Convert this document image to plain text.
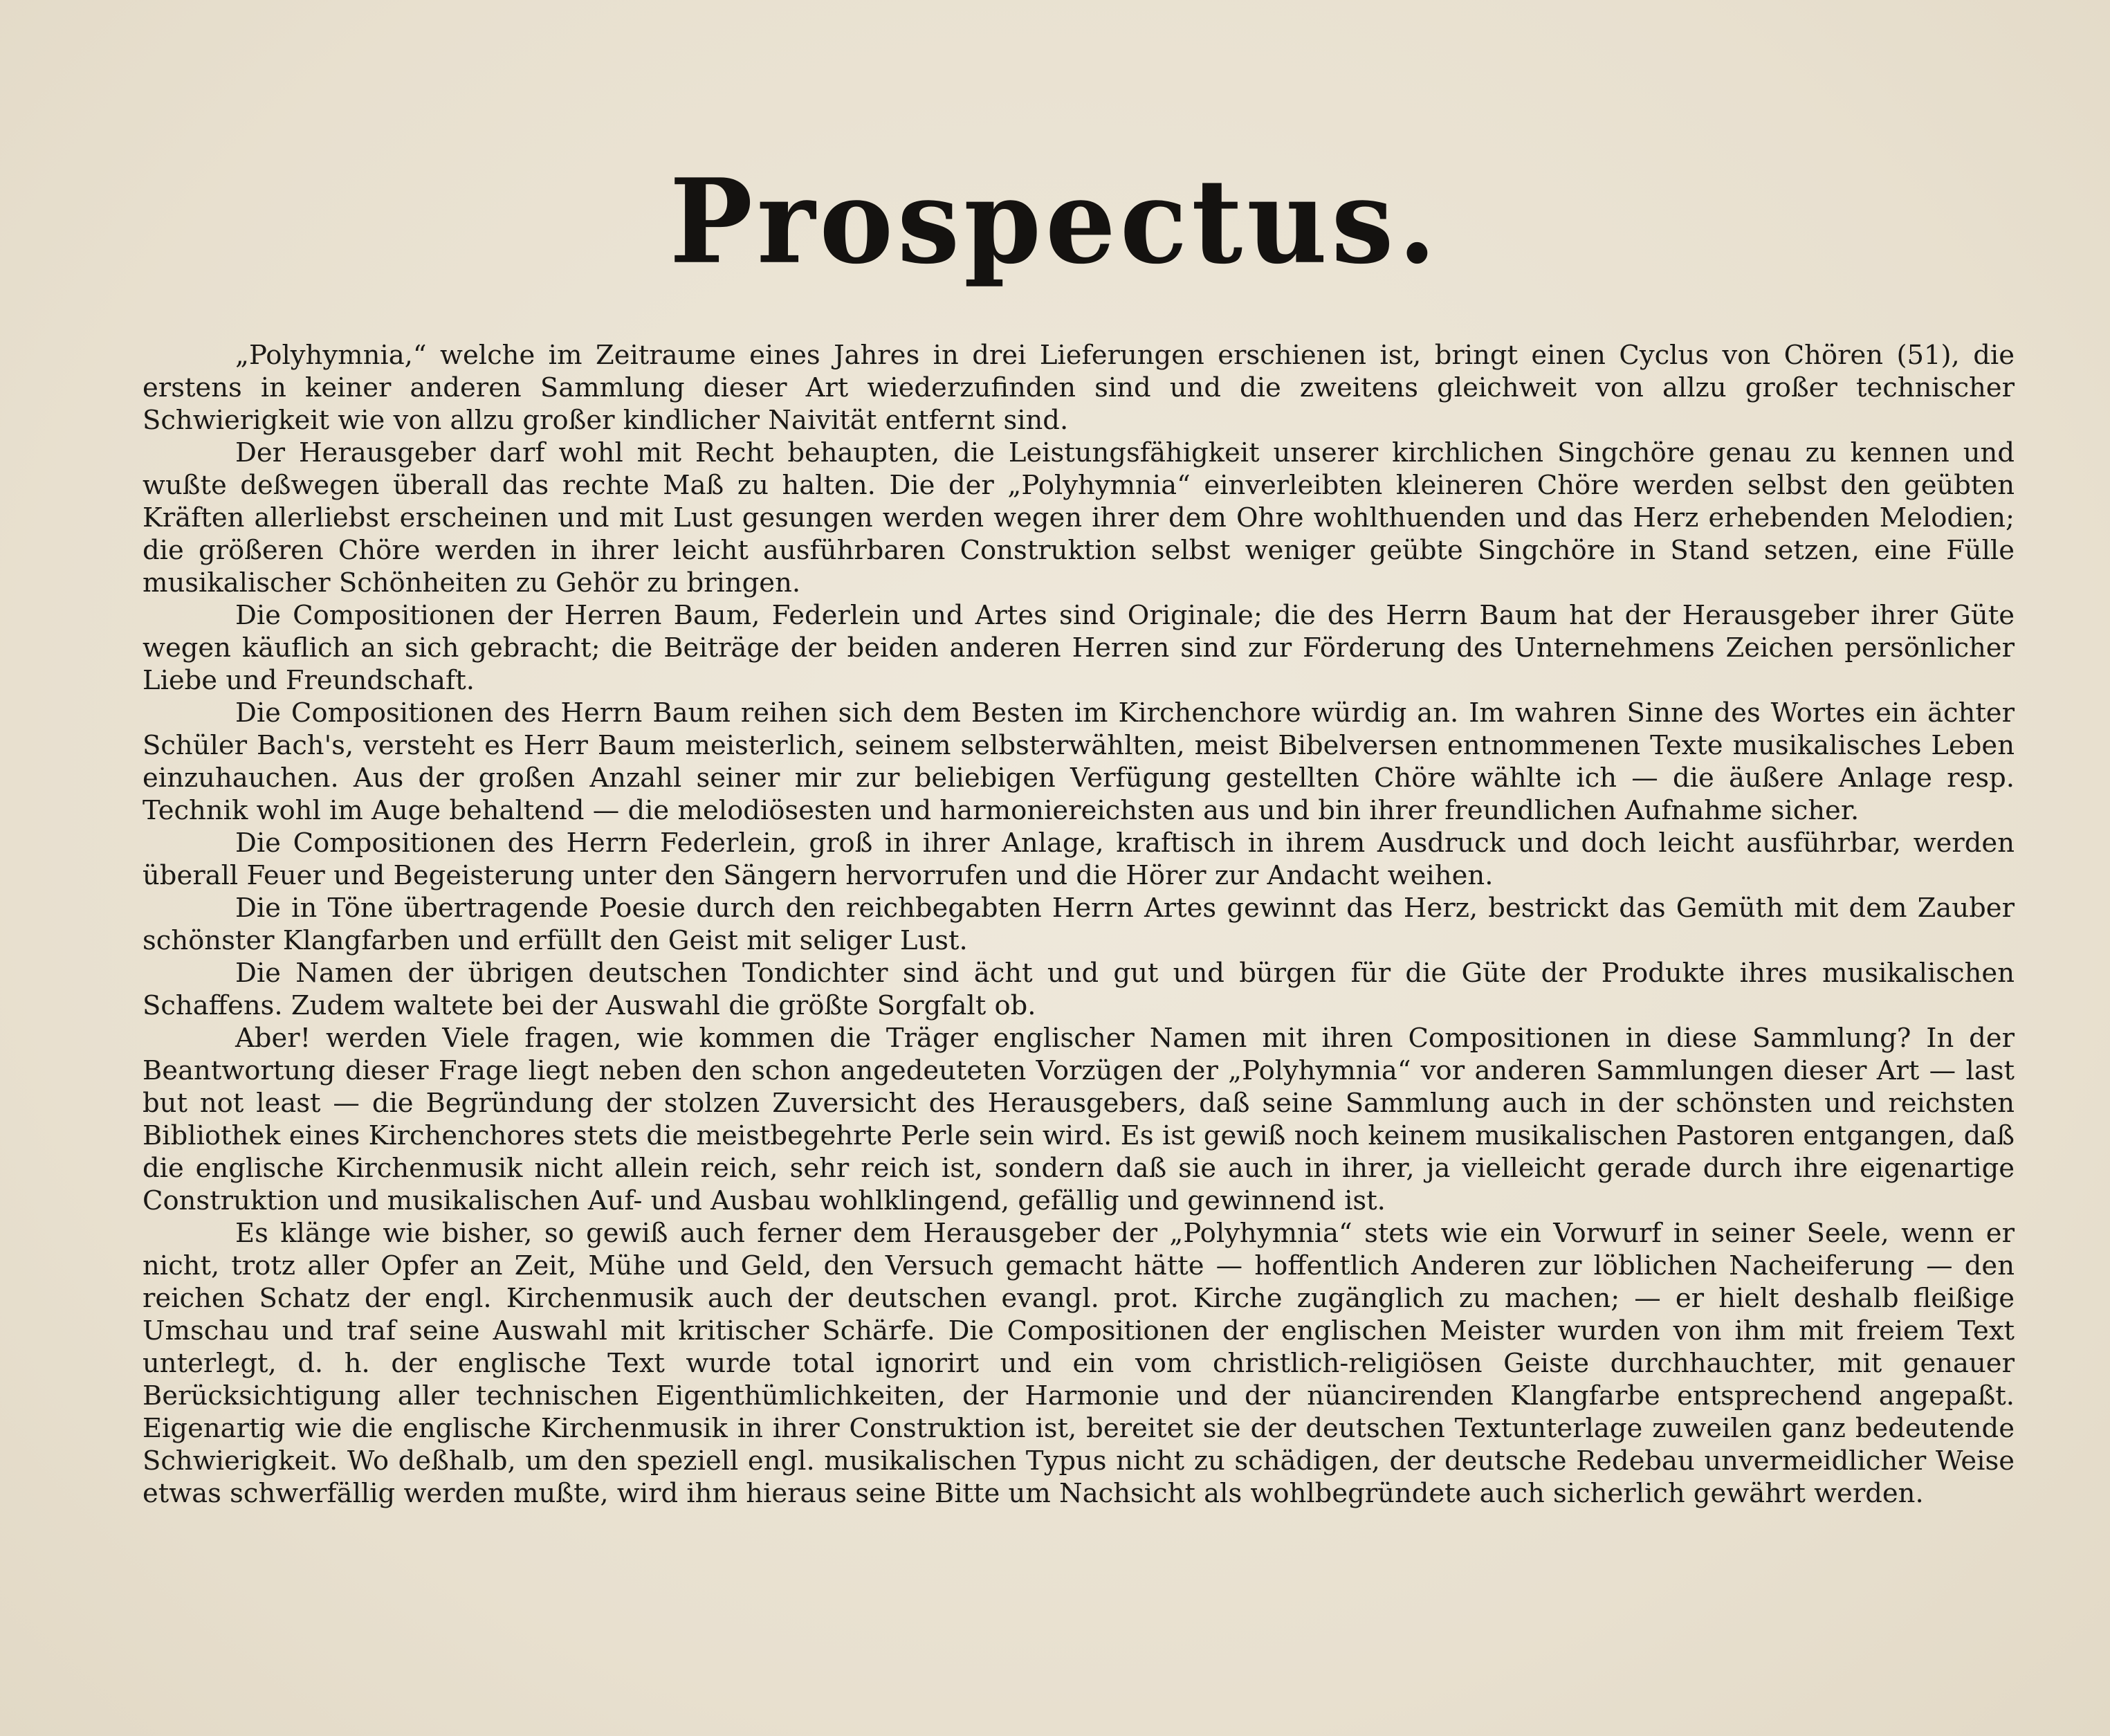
Prospectus.

„Polyhymnia,“ welche im Zeitraume eines Jahres in drei Lieferungen erschienen ist, bringt einen Cyclus von Chören (51), die erstens in keiner anderen Sammlung dieser Art wiederzufinden sind und die zweitens gleichweit von allzu großer technischer Schwierigkeit wie von allzu großer kindlicher Naivität entfernt sind.

Der Herausgeber darf wohl mit Recht behaupten, die Leistungsfähigkeit unserer kirchlichen Singchöre genau zu kennen und wußte deßwegen überall das rechte Maß zu halten. Die der „Polyhymnia“ einverleibten kleineren Chöre werden selbst den geübten Kräften allerliebst erscheinen und mit Lust gesungen werden wegen ihrer dem Ohre wohlthuenden und das Herz erhebenden Melodien; die größeren Chöre werden in ihrer leicht ausführbaren Construktion selbst weniger geübte Singchöre in Stand setzen, eine Fülle musikalischer Schönheiten zu Gehör zu bringen.

Die Compositionen der Herren Baum, Federlein und Artes sind Originale; die des Herrn Baum hat der Herausgeber ihrer Güte wegen käuflich an sich gebracht; die Beiträge der beiden anderen Herren sind zur Förderung des Unternehmens Zeichen persönlicher Liebe und Freundschaft.

Die Compositionen des Herrn Baum reihen sich dem Besten im Kirchenchore würdig an. Im wahren Sinne des Wortes ein ächter Schüler Bach's, versteht es Herr Baum meisterlich, seinem selbsterwählten, meist Bibelversen entnommenen Texte musikalisches Leben einzuhauchen. Aus der großen Anzahl seiner mir zur beliebigen Verfügung gestellten Chöre wählte ich — die äußere Anlage resp. Technik wohl im Auge behaltend — die melodiösesten und harmoniereichsten aus und bin ihrer freundlichen Aufnahme sicher.

Die Compositionen des Herrn Federlein, groß in ihrer Anlage, kraftisch in ihrem Ausdruck und doch leicht ausführbar, werden überall Feuer und Begeisterung unter den Sängern hervorrufen und die Hörer zur Andacht weihen.

Die in Töne übertragende Poesie durch den reichbegabten Herrn Artes gewinnt das Herz, bestrickt das Gemüth mit dem Zauber schönster Klangfarben und erfüllt den Geist mit seliger Lust.

Die Namen der übrigen deutschen Tondichter sind ächt und gut und bürgen für die Güte der Produkte ihres musikalischen Schaffens. Zudem waltete bei der Auswahl die größte Sorgfalt ob.

Aber! werden Viele fragen, wie kommen die Träger englischer Namen mit ihren Compositionen in diese Sammlung? In der Beantwortung dieser Frage liegt neben den schon angedeuteten Vorzügen der „Polyhymnia“ vor anderen Sammlungen dieser Art — last but not least — die Begründung der stolzen Zuversicht des Herausgebers, daß seine Sammlung auch in der schönsten und reichsten Bibliothek eines Kirchenchores stets die meistbegehrte Perle sein wird. Es ist gewiß noch keinem musikalischen Pastoren entgangen, daß die englische Kirchenmusik nicht allein reich, sehr reich ist, sondern daß sie auch in ihrer, ja vielleicht gerade durch ihre eigenartige Construktion und musikalischen Auf- und Ausbau wohlklingend, gefällig und gewinnend ist.

Es klänge wie bisher, so gewiß auch ferner dem Herausgeber der „Polyhymnia“ stets wie ein Vorwurf in seiner Seele, wenn er nicht, trotz aller Opfer an Zeit, Mühe und Geld, den Versuch gemacht hätte — hoffentlich Anderen zur löblichen Nacheiferung — den reichen Schatz der engl. Kirchenmusik auch der deutschen evangl. prot. Kirche zugänglich zu machen; — er hielt deshalb fleißige Umschau und traf seine Auswahl mit kritischer Schärfe. Die Compositionen der englischen Meister wurden von ihm mit freiem Text unterlegt, d. h. der englische Text wurde total ignorirt und ein vom christlich-religiösen Geiste durchhauchter, mit genauer Berücksichtigung aller technischen Eigenthümlichkeiten, der Harmonie und der nüancirenden Klangfarbe entsprechend angepaßt. Eigenartig wie die englische Kirchenmusik in ihrer Construktion ist, bereitet sie der deutschen Textunterlage zuweilen ganz bedeutende Schwierigkeit. Wo deßhalb, um den speziell engl. musikalischen Typus nicht zu schädigen, der deutsche Redebau unvermeidlicher Weise etwas schwerfällig werden mußte, wird ihm hieraus seine Bitte um Nachsicht als wohlbegründete auch sicherlich gewährt werden.
